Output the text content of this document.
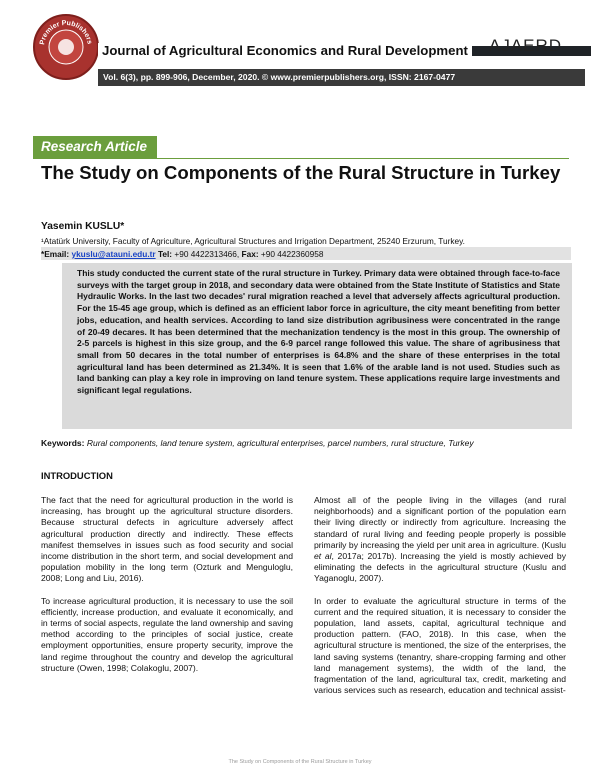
Premier Publishers
Journal of Agricultural Economics and Rural Development AJAERD
Vol. 6(3), pp. 899-906, December, 2020. © www.premierpublishers.org, ISSN: 2167-0477
Research Article
The Study on Components of the Rural Structure in Turkey
Yasemin KUSLU*
¹Atatürk University, Faculty of Agriculture, Agricultural Structures and Irrigation Department, 25240 Erzurum, Turkey.
*Email: ykuslu@atauni.edu.tr Tel: +90 4422313466, Fax: +90 4422360958
This study conducted the current state of the rural structure in Turkey. Primary data were obtained through face-to-face surveys with the target group in 2018, and secondary data were obtained from the State Institute of Statistics and State Hydraulic Works. In the last two decades' rural migration reached a level that adversely affects agricultural production. For the 15-45 age group, which is defined as an efficient labor force in agriculture, the city meant benefiting from better jobs, education, and health services. According to land size distribution agribusiness were concentrated in the range of 20-49 decares. It has been determined that the mechanization tendency is the most in this group. The ownership of 2-5 parcels is highest in this size group, and the 6-9 parcel range followed this value. The share of agribusiness that small from 50 decares in the total number of enterprises is 64.8% and the share of these enterprises in the total agricultural land has been determined as 21.34%. It is seen that 1.6% of the arable land is not used. Studies such as land banking can play a key role in improving on land tenure system. These applications require large investments and significant legal regulations.
Keywords: Rural components, land tenure system, agricultural enterprises, parcel numbers, rural structure, Turkey
INTRODUCTION

The fact that the need for agricultural production in the world is increasing, has brought up the agricultural structure disorders. Because structural defects in agriculture adversely affect agricultural production directly and indirectly. These effects manifest themselves in issues such as food security and social income distribution in the short term, and social development and population mobility in the long term (Ozturk and Menguloglu, 2008; Long and Liu, 2016).

To increase agricultural production, it is necessary to use the soil efficiently, increase production, and evaluate it economically, and in terms of social aspects, regulate the land ownership and saving method according to the principles of social justice, create employment opportunities, ensure property security, improve the land regime throughout the country and develop the agricultural structure (Owen, 1998; Colakoglu, 2007).

Almost all of the people living in the villages (and rural neighborhoods) and a significant portion of the population earn their living directly or indirectly from agriculture. Increasing the standard of rural living and feeding people properly is possible primarily by increasing the yield per unit area in agriculture. (Kuslu et al, 2017a; 2017b). Increasing the yield is mostly achieved by eliminating the defects in the agricultural structure (Kuslu and Yaganoglu, 2007).

In order to evaluate the agricultural structure in terms of the current and the required situation, it is necessary to consider the population, land assets, capital, agricultural technique and production pattern. (FAO, 2018). In this case, when the agricultural structure is mentioned, the size of the enterprises, the land saving systems (tenantry, share-cropping farming and other land management systems), the width of the land, the fragmentation of the land, agricultural tax, credit, marketing and various services such as research, education and technical assist-

The Study on Components of the Rural Structure in Turkey
